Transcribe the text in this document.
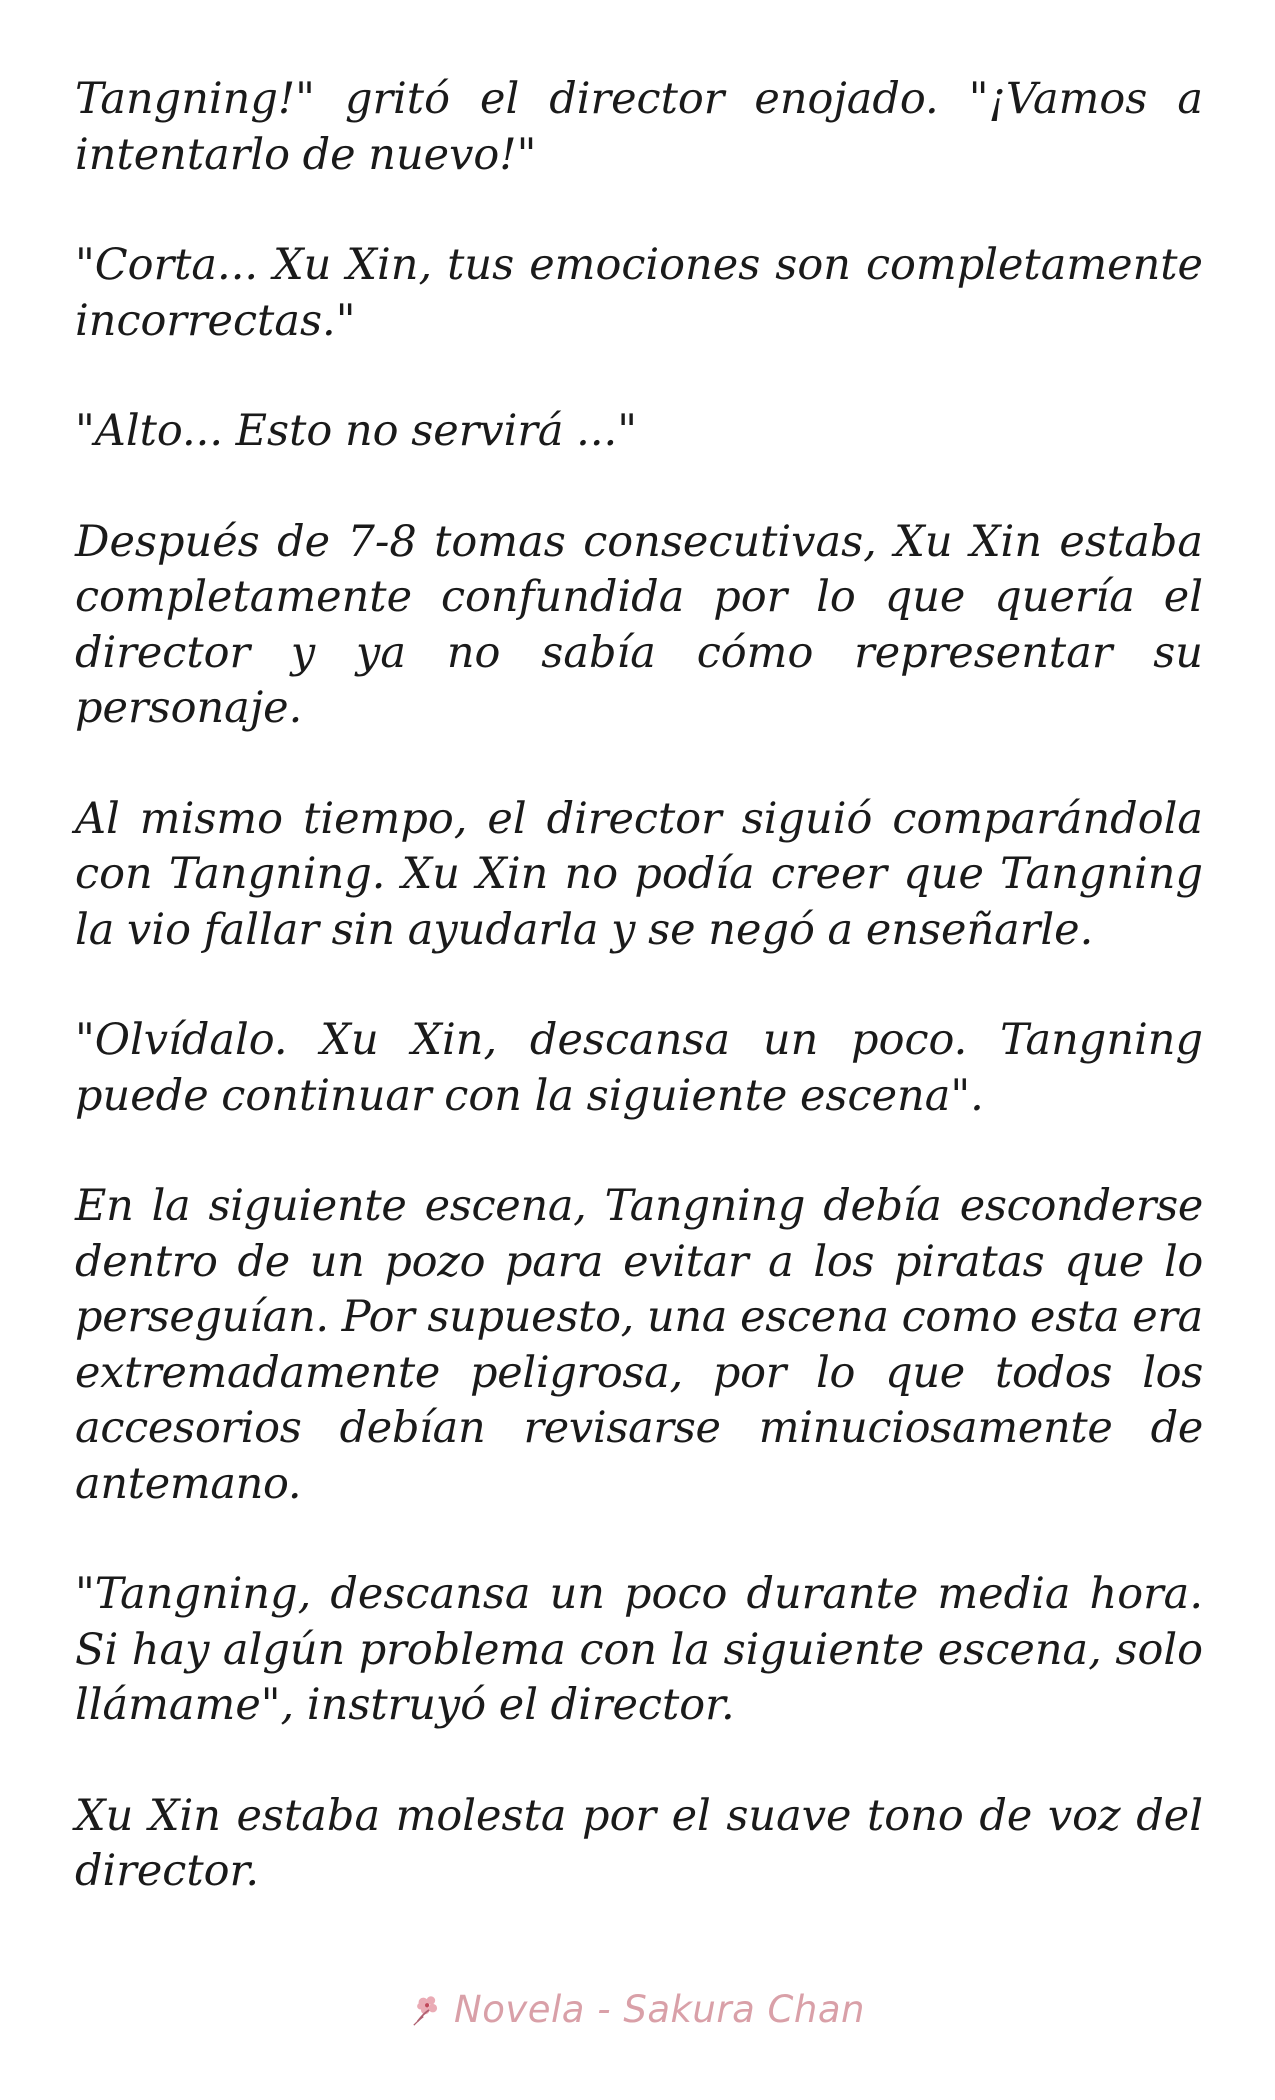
Tangning!" gritó el director enojado. "¡Vamos a intentarlo de nuevo!"

"Corta... Xu Xin, tus emociones son completamente incorrectas."

"Alto... Esto no servirá ..."

Después de 7-8 tomas consecutivas, Xu Xin estaba completamente confundida por lo que quería el director y ya no sabía cómo representar su personaje.

Al mismo tiempo, el director siguió comparándola con Tangning. Xu Xin no podía creer que Tangning la vio fallar sin ayudarla y se negó a enseñarle.

"Olvídalo. Xu Xin, descansa un poco. Tangning puede continuar con la siguiente escena".

En la siguiente escena, Tangning debía esconderse dentro de un pozo para evitar a los piratas que lo perseguían. Por supuesto, una escena como esta era extremadamente peligrosa, por lo que todos los accesorios debían revisarse minuciosamente de antemano.

"Tangning, descansa un poco durante media hora. Si hay algún problema con la siguiente escena, solo llámame", instruyó el director.

Xu Xin estaba molesta por el suave tono de voz del director.

Novela - Sakura Chan
